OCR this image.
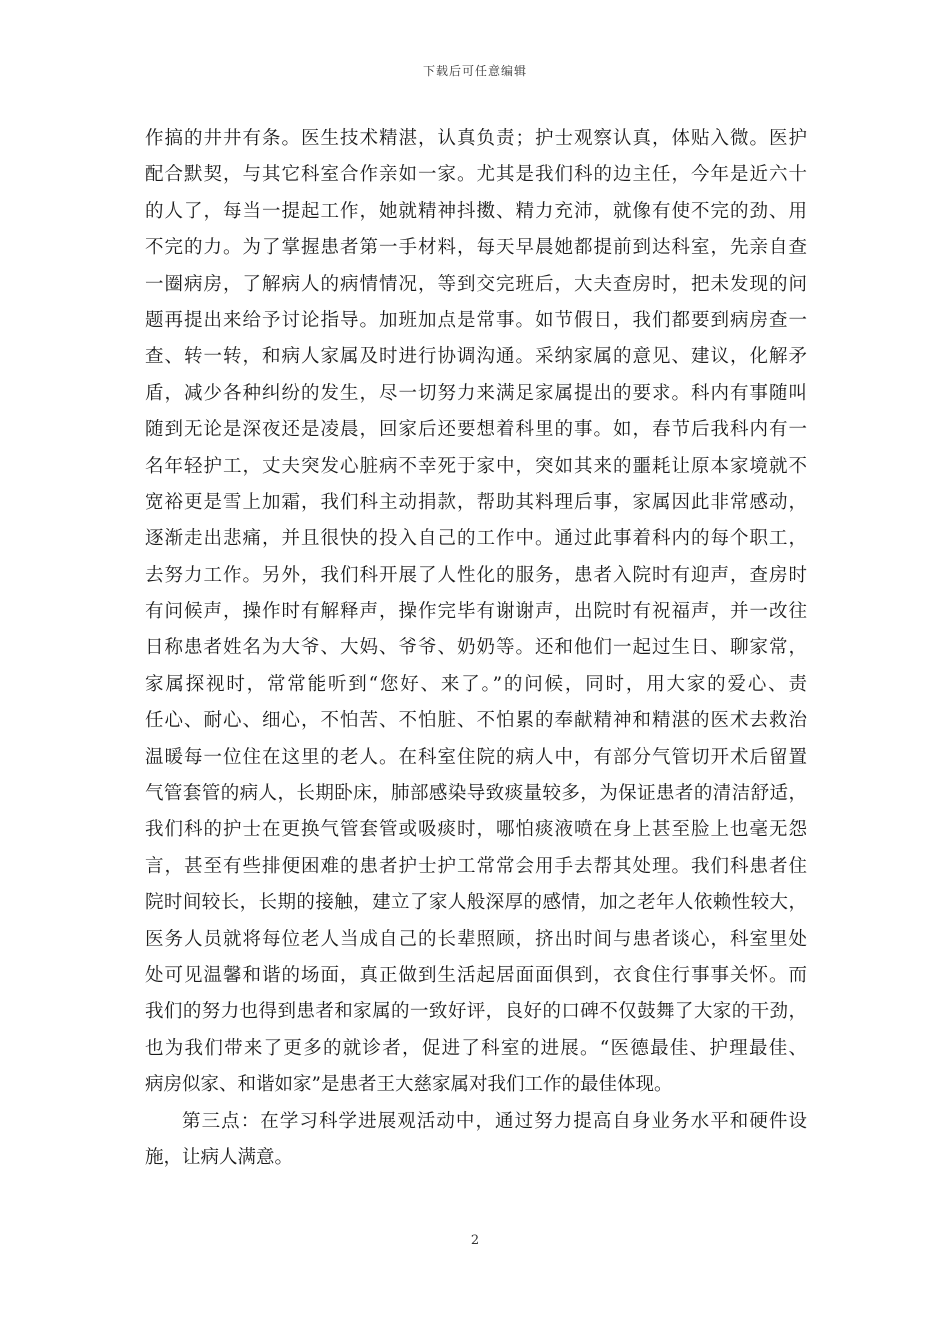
下载后可任意编辑
作搞的井井有条。医生技术精湛，认真负责；护士观察认真，体贴入微。医护
配合默契，与其它科室合作亲如一家。尤其是我们科的边主任，今年是近六十
的人了，每当一提起工作，她就精神抖擞、精力充沛，就像有使不完的劲、用
不完的力。为了掌握患者第一手材料，每天早晨她都提前到达科室，先亲自查
一圈病房，了解病人的病情情况，等到交完班后，大夫查房时，把未发现的问
题再提出来给予讨论指导。加班加点是常事。如节假日，我们都要到病房查一
查、转一转，和病人家属及时进行协调沟通。采纳家属的意见、建议，化解矛
盾，减少各种纠纷的发生，尽一切努力来满足家属提出的要求。科内有事随叫
随到无论是深夜还是凌晨，回家后还要想着科里的事。如，春节后我科内有一
名年轻护工，丈夫突发心脏病不幸死于家中，突如其来的噩耗让原本家境就不
宽裕更是雪上加霜，我们科主动捐款，帮助其料理后事，家属因此非常感动，
逐渐走出悲痛，并且很快的投入自己的工作中。通过此事着科内的每个职工，
去努力工作。另外，我们科开展了人性化的服务，患者入院时有迎声，查房时
有问候声，操作时有解释声，操作完毕有谢谢声，出院时有祝福声，并一改往
日称患者姓名为大爷、大妈、爷爷、奶奶等。还和他们一起过生日、聊家常，
家属探视时，常常能听到“您好、来了。”的问候，同时，用大家的爱心、责
任心、耐心、细心，不怕苦、不怕脏、不怕累的奉献精神和精湛的医术去救治
温暖每一位住在这里的老人。在科室住院的病人中，有部分气管切开术后留置
气管套管的病人，长期卧床，肺部感染导致痰量较多，为保证患者的清洁舒适，
我们科的护士在更换气管套管或吸痰时，哪怕痰液喷在身上甚至脸上也毫无怨
言，甚至有些排便困难的患者护士护工常常会用手去帮其处理。我们科患者住
院时间较长，长期的接触，建立了家人般深厚的感情，加之老年人依赖性较大，
医务人员就将每位老人当成自己的长辈照顾，挤出时间与患者谈心，科室里处
处可见温馨和谐的场面，真正做到生活起居面面俱到，衣食住行事事关怀。而
我们的努力也得到患者和家属的一致好评，良好的口碑不仅鼓舞了大家的干劲，
也为我们带来了更多的就诊者，促进了科室的进展。“医德最佳、护理最佳、
病房似家、和谐如家”是患者王大慈家属对我们工作的最佳体现。
第三点：在学习科学进展观活动中，通过努力提高自身业务水平和硬件设
施，让病人满意。
2
